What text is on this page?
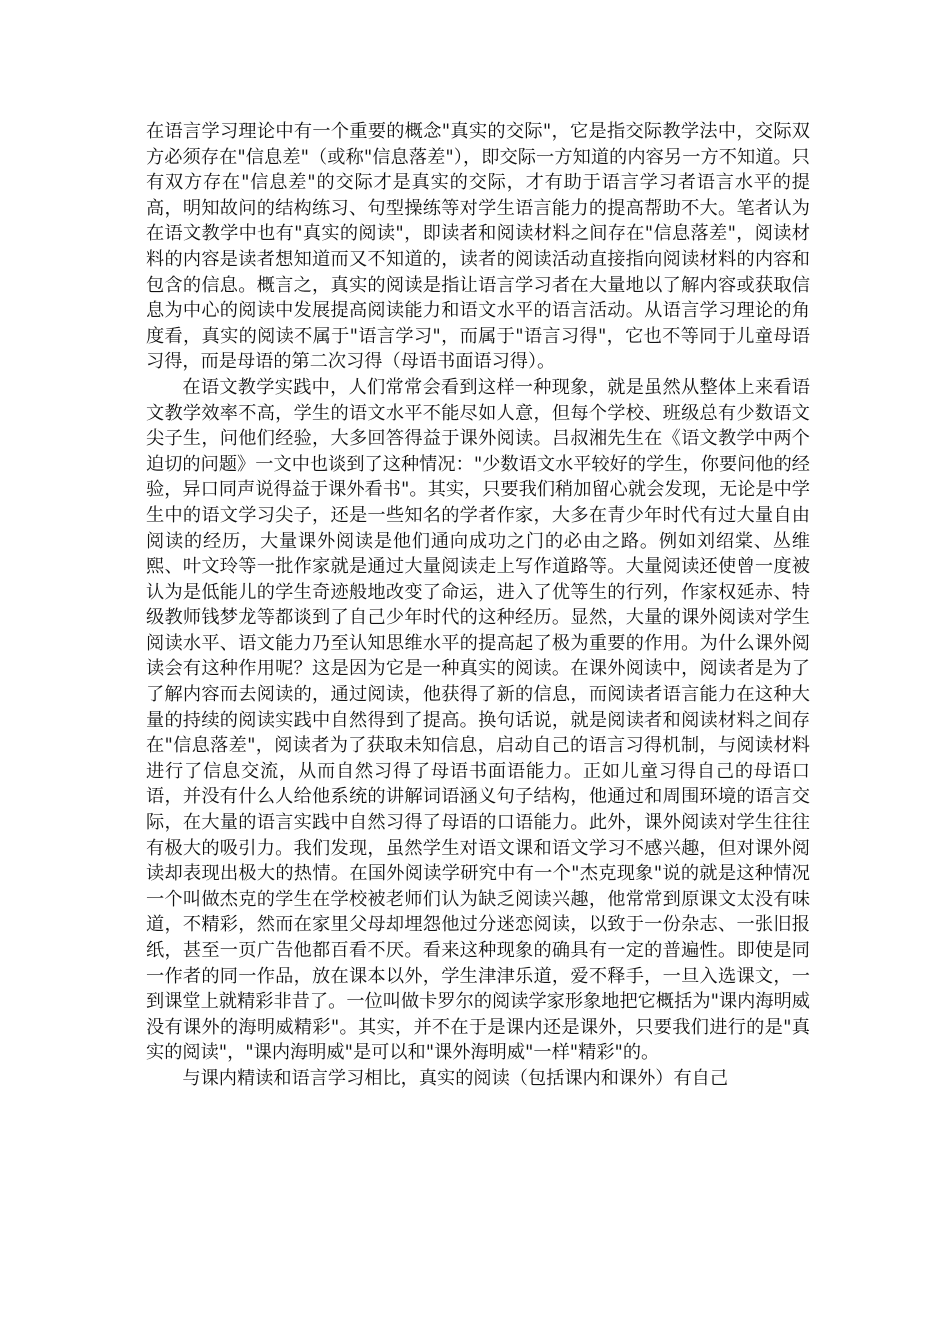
在语言学习理论中有一个重要的概念"真实的交际"，它是指交际教学法中，交际双方必须存在"信息差"（或称"信息落差"），即交际一方知道的内容另一方不知道。只有双方存在"信息差"的交际才是真实的交际，才有助于语言学习者语言水平的提高，明知故问的结构练习、句型操练等对学生语言能力的提高帮助不大。笔者认为在语文教学中也有"真实的阅读"，即读者和阅读材料之间存在"信息落差"，阅读材料的内容是读者想知道而又不知道的，读者的阅读活动直接指向阅读材料的内容和包含的信息。概言之，真实的阅读是指让语言学习者在大量地以了解内容或获取信息为中心的阅读中发展提高阅读能力和语文水平的语言活动。从语言学习理论的角度看，真实的阅读不属于"语言学习"，而属于"语言习得"，它也不等同于儿童母语习得，而是母语的第二次习得（母语书面语习得）。

在语文教学实践中，人们常常会看到这样一种现象，就是虽然从整体上来看语文教学效率不高，学生的语文水平不能尽如人意，但每个学校、班级总有少数语文尖子生，问他们经验，大多回答得益于课外阅读。吕叔湘先生在《语文教学中两个迫切的问题》一文中也谈到了这种情况："少数语文水平较好的学生，你要问他的经验，异口同声说得益于课外看书"。其实，只要我们稍加留心就会发现，无论是中学生中的语文学习尖子，还是一些知名的学者作家，大多在青少年时代有过大量自由阅读的经历，大量课外阅读是他们通向成功之门的必由之路。例如刘绍棠、丛维熙、叶文玲等一批作家就是通过大量阅读走上写作道路等。大量阅读还使曾一度被认为是低能儿的学生奇迹般地改变了命运，进入了优等生的行列，作家权延赤、特级教师钱梦龙等都谈到了自己少年时代的这种经历。显然，大量的课外阅读对学生阅读水平、语文能力乃至认知思维水平的提高起了极为重要的作用。为什么课外阅读会有这种作用呢？这是因为它是一种真实的阅读。在课外阅读中，阅读者是为了了解内容而去阅读的，通过阅读，他获得了新的信息，而阅读者语言能力在这种大量的持续的阅读实践中自然得到了提高。换句话说，就是阅读者和阅读材料之间存在"信息落差"，阅读者为了获取未知信息，启动自己的语言习得机制，与阅读材料进行了信息交流，从而自然习得了母语书面语能力。正如儿童习得自己的母语口语，并没有什么人给他系统的讲解词语涵义句子结构，他通过和周围环境的语言交际，在大量的语言实践中自然习得了母语的口语能力。此外，课外阅读对学生往往有极大的吸引力。我们发现，虽然学生对语文课和语文学习不感兴趣，但对课外阅读却表现出极大的热情。在国外阅读学研究中有一个"杰克现象"说的就是这种情况一个叫做杰克的学生在学校被老师们认为缺乏阅读兴趣，他常常到原课文太没有味道，不精彩，然而在家里父母却埋怨他过分迷恋阅读，以致于一份杂志、一张旧报纸，甚至一页广告他都百看不厌。看来这种现象的确具有一定的普遍性。即使是同一作者的同一作品，放在课本以外，学生津津乐道，爱不释手，一旦入选课文，一到课堂上就精彩非昔了。一位叫做卡罗尔的阅读学家形象地把它概括为"课内海明威没有课外的海明威精彩"。其实，并不在于是课内还是课外，只要我们进行的是"真实的阅读"，"课内海明威"是可以和"课外海明威"一样"精彩"的。

与课内精读和语言学习相比，真实的阅读（包括课内和课外）有自己
